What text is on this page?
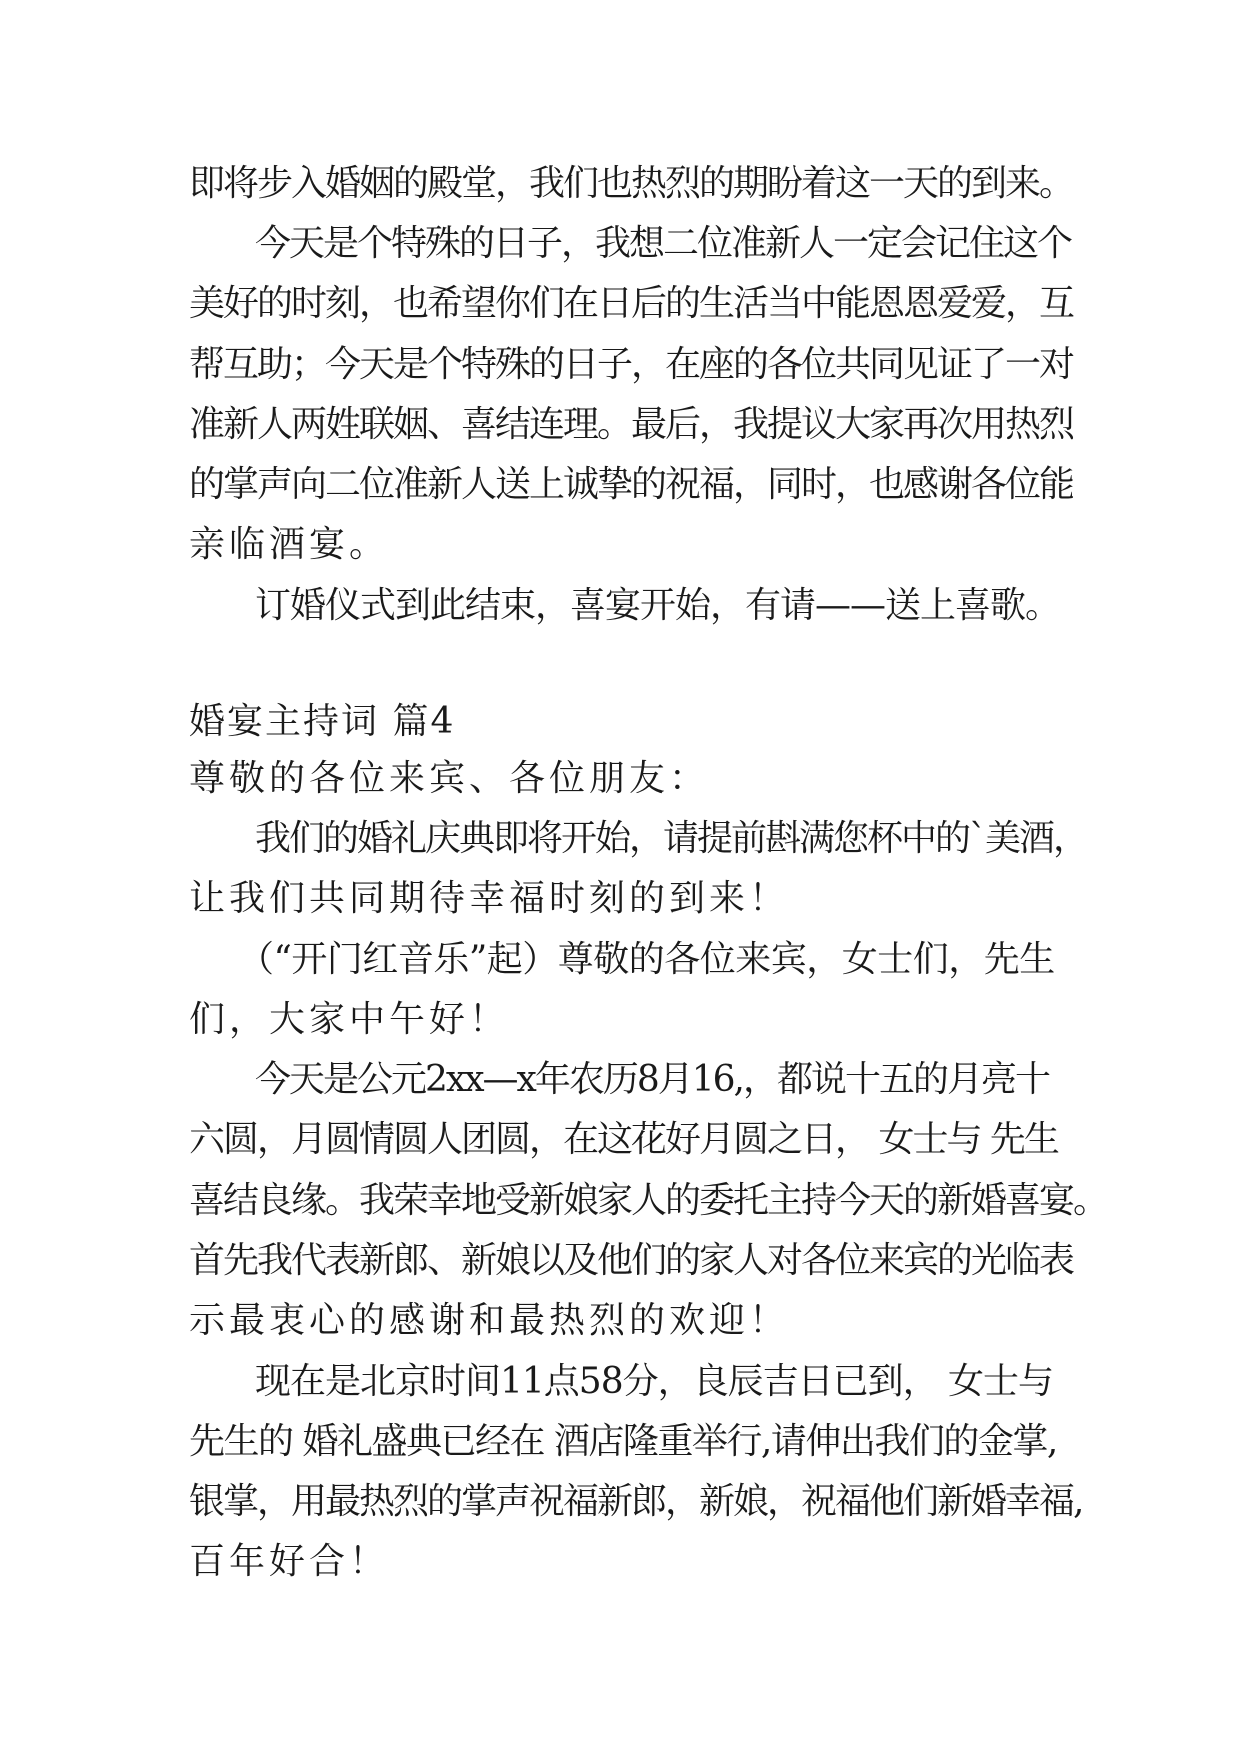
即将步入婚姻的殿堂，我们也热烈的期盼着这一天的到来。
今天是个特殊的日子，我想二位准新人一定会记住这个
美好的时刻，也希望你们在日后的生活当中能恩恩爱爱，互
帮互助；今天是个特殊的日子，在座的各位共同见证了一对
准新人两姓联姻、喜结连理。最后，我提议大家再次用热烈
的掌声向二位准新人送上诚挚的祝福，同时，也感谢各位能
亲临酒宴。
订婚仪式到此结束，喜宴开始，有请——送上喜歌。
婚宴主持词 篇4
尊敬的各位来宾、各位朋友：
我们的婚礼庆典即将开始，请提前斟满您杯中的`美酒，
让我们共同期待幸福时刻的到来！
（“开门红音乐”起）尊敬的各位来宾，女士们，先生
们，大家中午好！
今天是公元2xx—x年农历8月16,，都说十五的月亮十
六圆，月圆情圆人团圆，在这花好月圆之日， 女士与 先生
喜结良缘。我荣幸地受新娘家人的委托主持今天的新婚喜宴。
首先我代表新郎、新娘以及他们的家人对各位来宾的光临表
示最衷心的感谢和最热烈的欢迎！
现在是北京时间11点58分，良辰吉日已到， 女士与
先生的 婚礼盛典已经在 酒店隆重举行,请伸出我们的金掌,
银掌，用最热烈的掌声祝福新郎，新娘，祝福他们新婚幸福,
百年好合！
